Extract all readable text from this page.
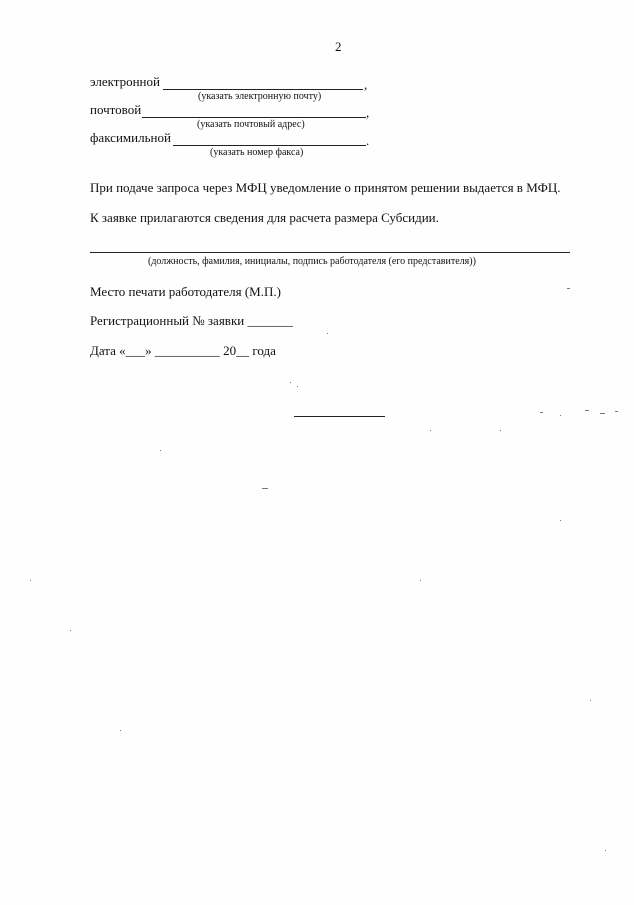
2
электронной	,
(указать электронную почту)
почтовой	,
(указать почтовый адрес)
факсимильной	.
(указать номер факса)
При подаче запроса через МФЦ уведомление о принятом решении выдается в МФЦ.
К заявке прилагаются сведения для расчета размера Субсидии.
(должность, фамилия, инициалы, подпись работодателя (его представителя))
Место печати работодателя (М.П.)
Регистрационный № заявки _______
Дата «___» __________ 20__ года
